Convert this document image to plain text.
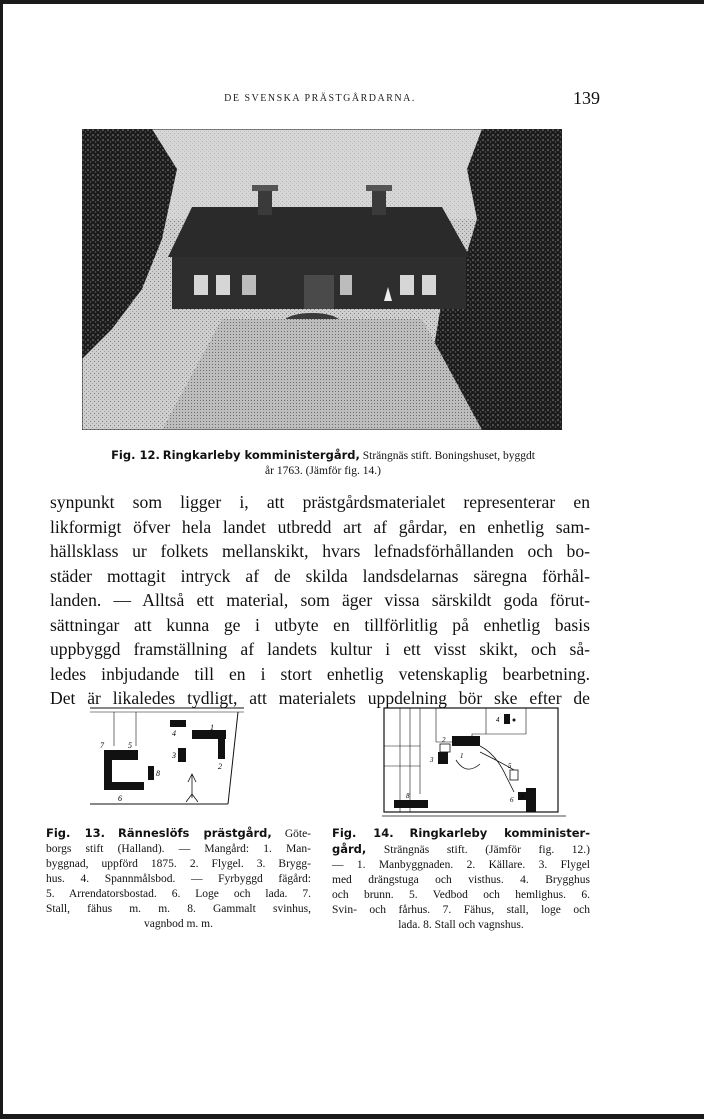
DE SVENSKA PRÄSTGÅRDARNA.	139
Fig. 12. Ringkarleby komministergård, Strängnäs stift. Boningshuset, byggdt
år 1763. (Jämför fig. 14.)
synpunkt som ligger i, att prästgårdsmaterialet representerar en
likformigt öfver hela landet utbredd art af gårdar, en enhetlig sam-
hällsklass ur folkets mellanskikt, hvars lefnadsförhållanden och bo-
städer mottagit intryck af de skilda landsdelarnas säregna förhål-
landen. — Alltså ett material, som äger vissa särskildt goda förut-
sättningar att kunna ge i utbyte en tillförlitlig på enhetlig basis
uppbyggd framställning af landets kultur i ett visst skikt, och så-
ledes inbjudande till en i stort enhetlig vetenskaplig bearbetning.
Det är likaledes tydligt, att materialets uppdelning bör ske efter de
1
2
3
4
5
6
7
8
1
2
3
4
5
6 7
8
Fig. 13. Ränneslöfs prästgård, Göte-
borgs stift (Halland). — Mangård: 1. Man-
byggnad, uppförd 1875. 2. Flygel. 3. Brygg-
hus. 4. Spannmålsbod. — Fyrbyggd fägård:
5. Arrendatorsbostad. 6. Loge och lada. 7.
Stall, fähus m. m. 8. Gammalt svinhus,
vagnbod m. m.
Fig. 14. Ringkarleby komminister-
gård, Strängnäs stift. (Jämför fig. 12.)
— 1. Manbyggnaden. 2. Källare. 3. Flygel
med drängstuga och visthus. 4. Brygghus
och brunn. 5. Vedbod och hemlighus. 6.
Svin- och fårhus. 7. Fähus, stall, loge och
lada. 8. Stall och vagnshus.
